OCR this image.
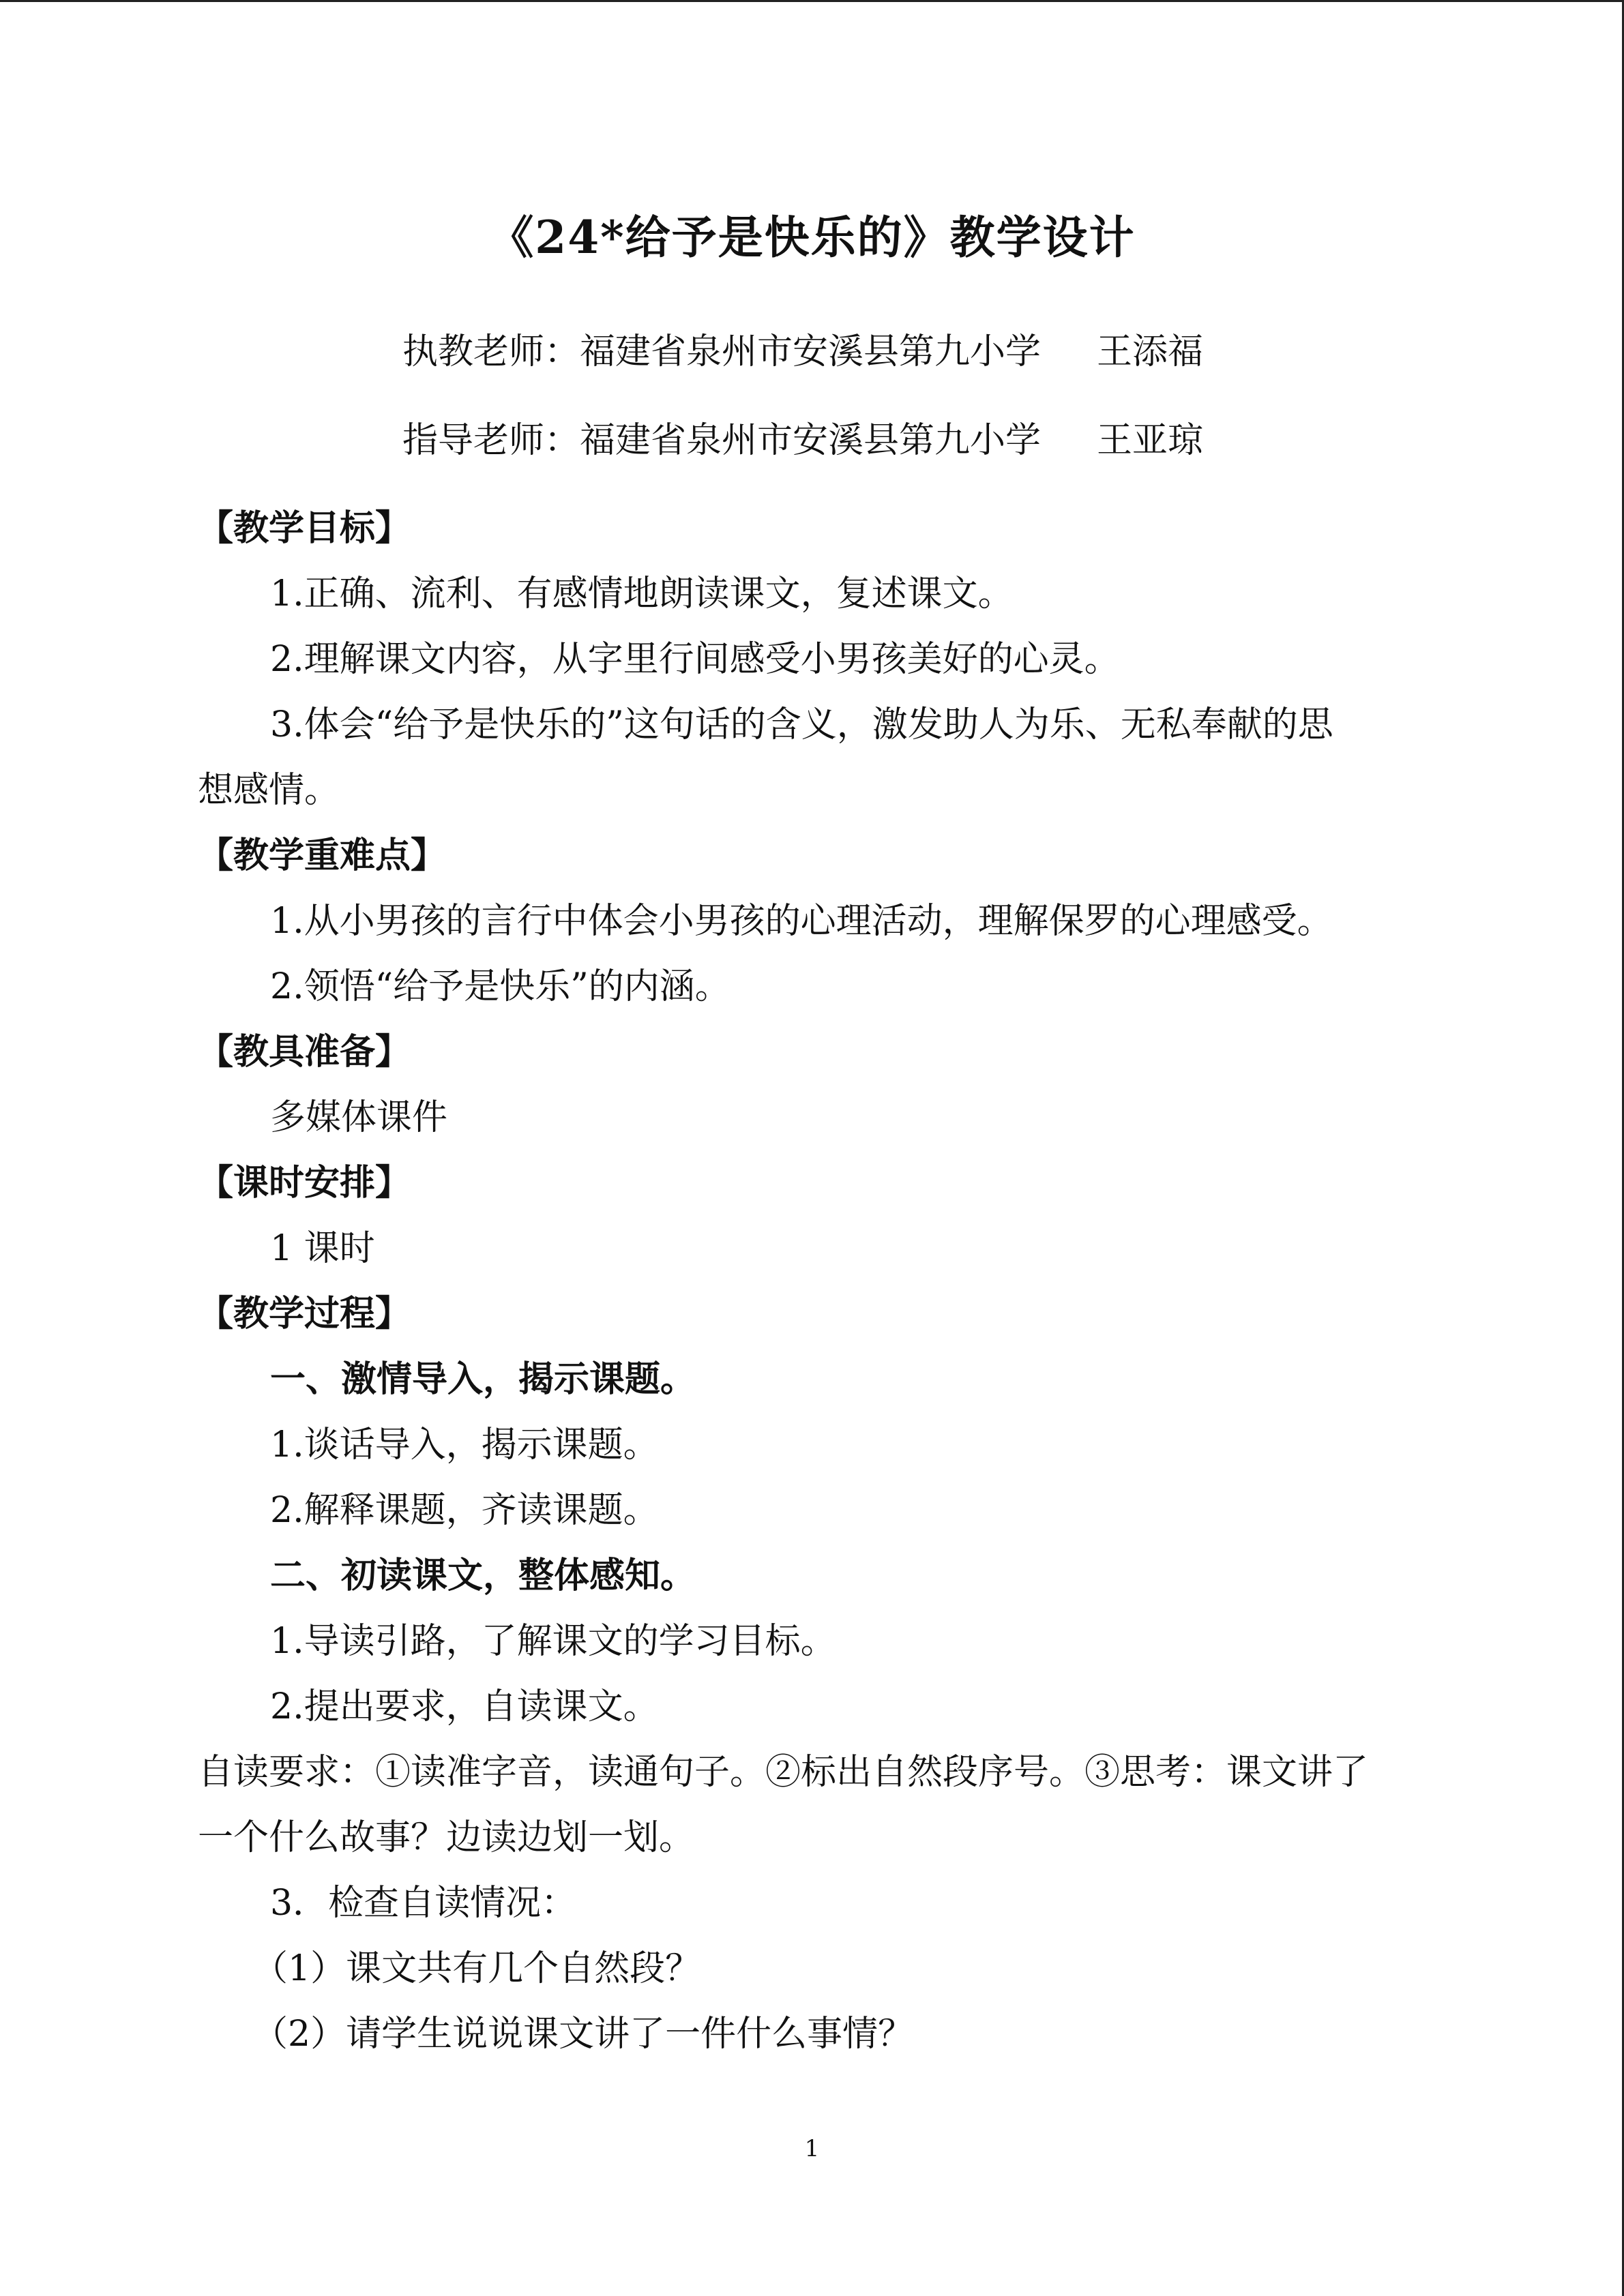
《24*给予是快乐的》教学设计
执教老师：福建省泉州市安溪县第九小学 王添福
指导老师：福建省泉州市安溪县第九小学 王亚琼
【教学目标】
1.正确、流利、有感情地朗读课文，复述课文。
2.理解课文内容，从字里行间感受小男孩美好的心灵。
3.体会“给予是快乐的”这句话的含义，激发助人为乐、无私奉献的思
想感情。
【教学重难点】
1.从小男孩的言行中体会小男孩的心理活动，理解保罗的心理感受。
2.领悟“给予是快乐”的内涵。
【教具准备】
多媒体课件
【课时安排】
1 课时
【教学过程】
一、激情导入，揭示课题。
1.谈话导入，揭示课题。
2.解释课题，齐读课题。
二、初读课文，整体感知。
1.导读引路，了解课文的学习目标。
2.提出要求，自读课文。
自读要求：①读准字音，读通句子。②标出自然段序号。③思考：课文讲了
一个什么故事？边读边划一划。
3．检查自读情况：
（1）课文共有几个自然段？
（2）请学生说说课文讲了一件什么事情？
1
